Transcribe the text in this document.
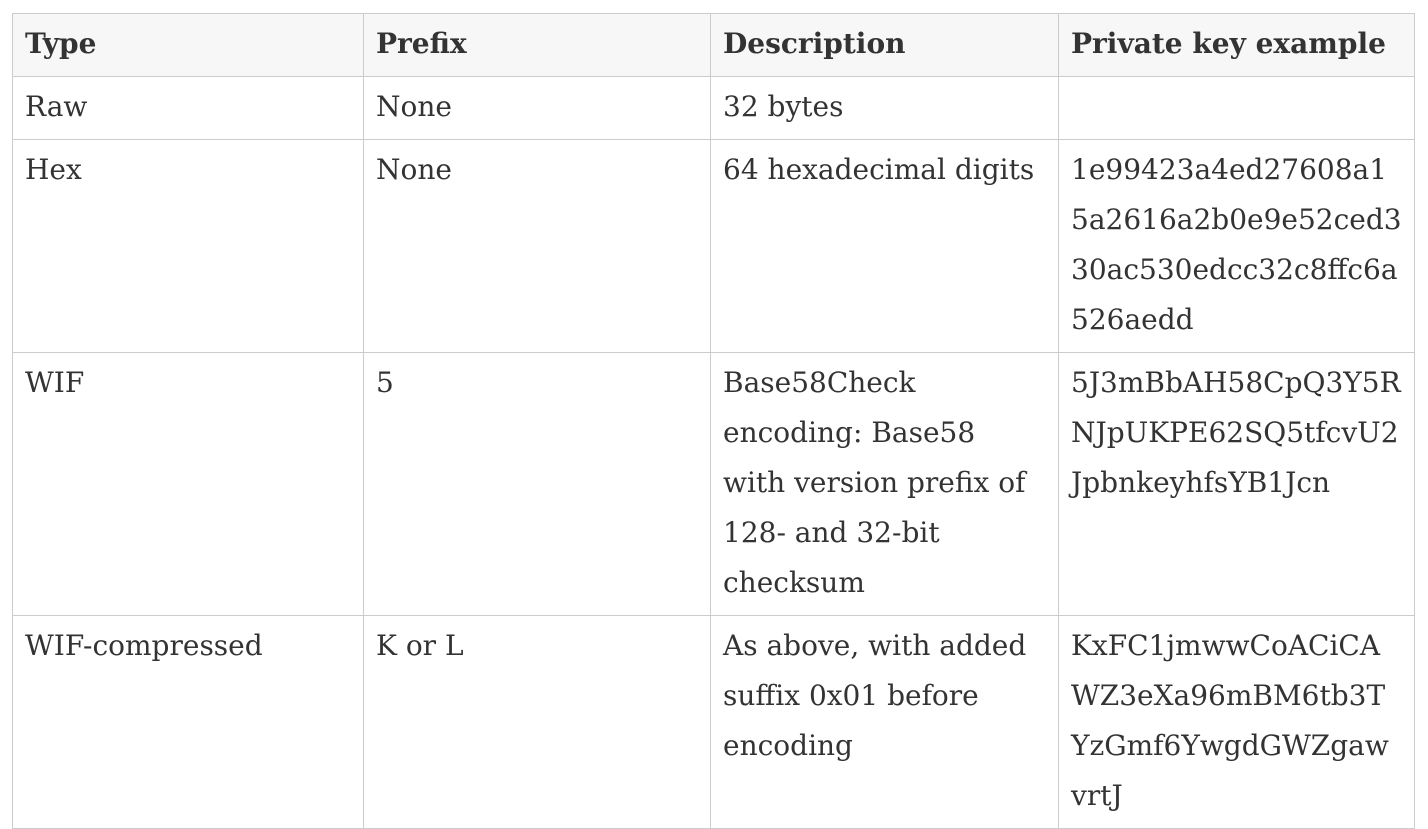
Type	Prefix	Description	Private key example
Raw	None	32 bytes	
Hex	None	64 hexadecimal digits	1e99423a4ed27608a15a2616a2b0e9e52ced330ac530edcc32c8ffc6a526aedd
WIF	5	Base58Check encoding: Base58 with version prefix of 128- and 32-bit checksum	5J3mBbAH58CpQ3Y5RNJpUKPE62SQ5tfcvU2JpbnkeyhfsYB1Jcn
WIF-compressed	K or L	As above, with added suffix 0x01 before encoding	KxFC1jmwwCoACiCAWZ3eXa96mBM6tb3TYzGmf6YwgdGWZgawvrtJ
